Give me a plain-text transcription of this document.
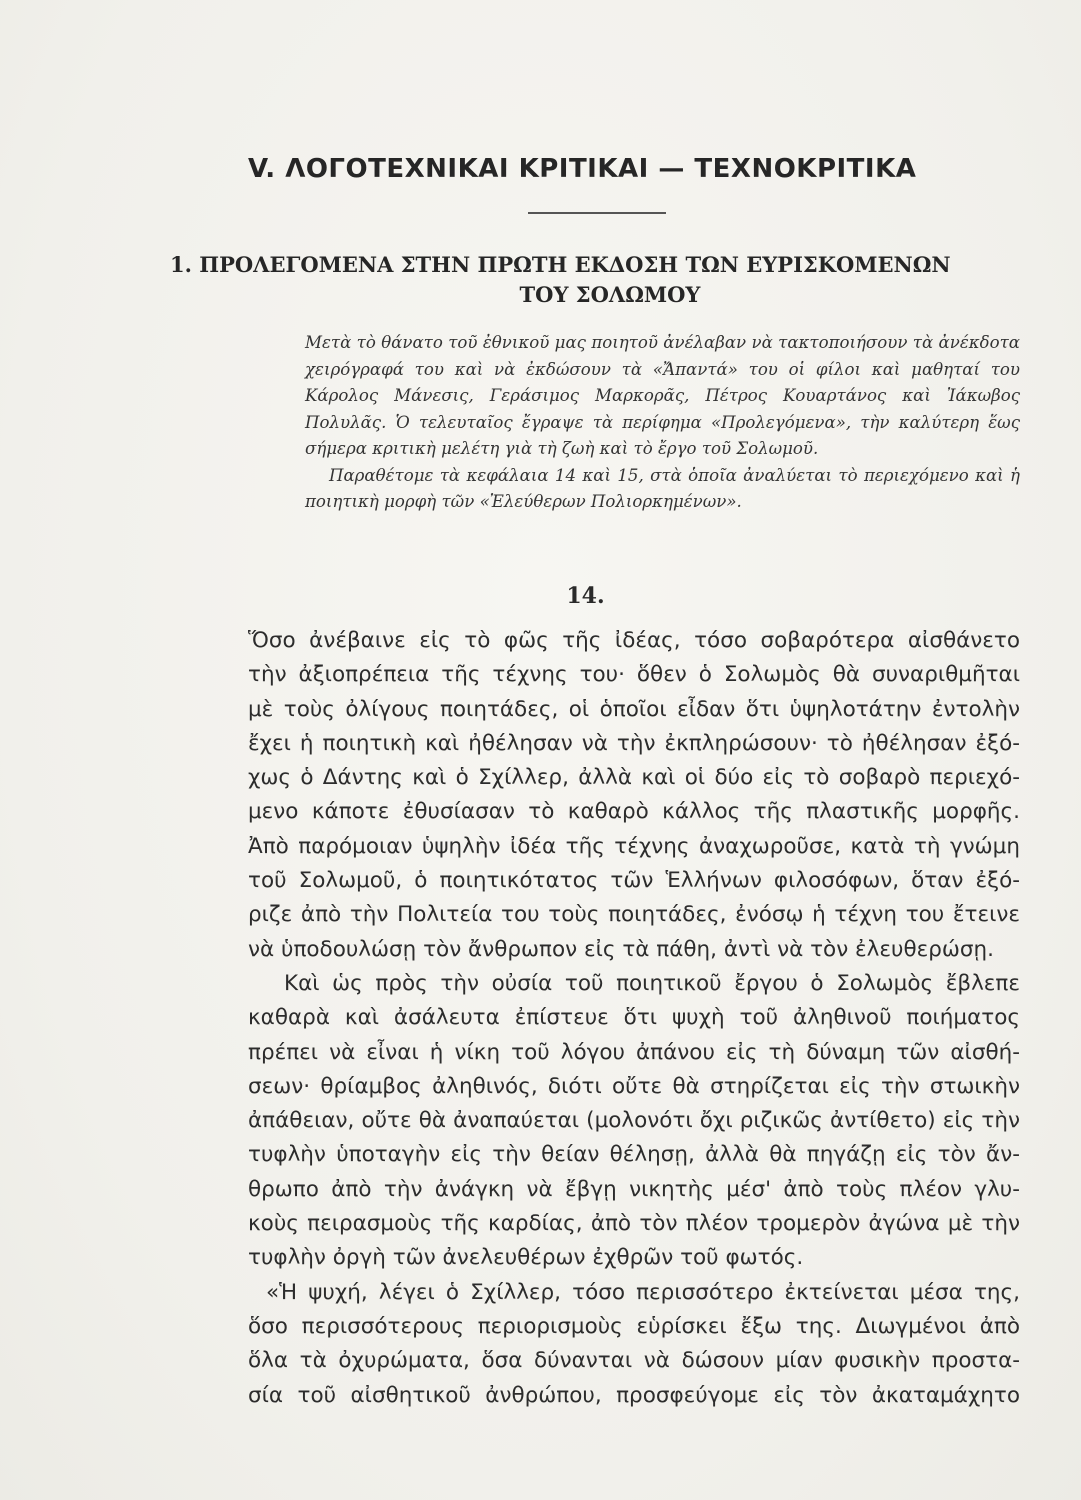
V. ΛΟΓΟΤΕΧΝΙΚΑΙ ΚΡΙΤΙΚΑΙ — ΤΕΧΝΟΚΡΙΤΙΚΑ
1. ΠΡΟΛΕΓΟΜΕΝΑ ΣΤΗΝ ΠΡΩΤΗ ΕΚΔΟΣΗ ΤΩΝ ΕΥΡΙΣΚΟΜΕΝΩΝ
ΤΟΥ ΣΟΛΩΜΟΥ

Μετὰ τὸ θάνατο τοῦ ἐθνικοῦ μας ποιητοῦ ἀνέλαβαν νὰ τακτοποιήσουν τὰ ἀνέκδοτα χειρόγραφά του καὶ νὰ ἐκδώσουν τὰ «Ἄπαντά» του οἱ φίλοι καὶ μαθηταί του Κάρολος Μάνεσις, Γεράσιμος Μαρκορᾶς, Πέτρος Κουαρτάνος καὶ Ἰάκωβος Πολυλᾶς. Ὁ τελευταῖος ἔγραψε τὰ περίφημα «Προλεγόμενα», τὴν καλύτερη ἕως σήμερα κριτικὴ μελέτη γιὰ τὴ ζωὴ καὶ τὸ ἔργο τοῦ Σολωμοῦ.

Παραθέτομε τὰ κεφάλαια 14 καὶ 15, στὰ ὁποῖα ἀναλύεται τὸ περιεχόμενο καὶ ἡ ποιητικὴ μορφὴ τῶν «Ἐλεύθερων Πολιορκημένων».

14.
Ὅσο ἀνέβαινε εἰς τὸ φῶς τῆς ἰδέας, τόσο σοβαρότερα αἰσθάνετο
τὴν ἀξιοπρέπεια τῆς τέχνης του· ὅθεν ὁ Σολωμὸς θὰ συναριθμῆται
μὲ τοὺς ὀλίγους ποιητάδες, οἱ ὁποῖοι εἶδαν ὅτι ὑψηλοτάτην ἐντολὴν
ἔχει ἡ ποιητικὴ καὶ ἠθέλησαν νὰ τὴν ἐκπληρώσουν· τὸ ἠθέλησαν ἐξό-
χως ὁ Δάντης καὶ ὁ Σχίλλερ, ἀλλὰ καὶ οἱ δύο εἰς τὸ σοβαρὸ περιεχό-
μενο κάποτε ἐθυσίασαν τὸ καθαρὸ κάλλος τῆς πλαστικῆς μορφῆς.
Ἀπὸ παρόμοιαν ὑψηλὴν ἰδέα τῆς τέχνης ἀναχωροῦσε, κατὰ τὴ γνώμη
τοῦ Σολωμοῦ, ὁ ποιητικότατος τῶν Ἑλλήνων φιλοσόφων, ὅταν ἐξό-
ριζε ἀπὸ τὴν Πολιτεία του τοὺς ποιητάδες, ἐνόσῳ ἡ τέχνη του ἔτεινε
νὰ ὑποδουλώσῃ τὸν ἄνθρωπον εἰς τὰ πάθη, ἀντὶ νὰ τὸν ἐλευθερώσῃ.
Καὶ ὡς πρὸς τὴν οὐσία τοῦ ποιητικοῦ ἔργου ὁ Σολωμὸς ἔβλεπε
καθαρὰ καὶ ἀσάλευτα ἐπίστευε ὅτι ψυχὴ τοῦ ἀληθινοῦ ποιήματος
πρέπει νὰ εἶναι ἡ νίκη τοῦ λόγου ἀπάνου εἰς τὴ δύναμη τῶν αἰσθή-
σεων· θρίαμβος ἀληθινός, διότι οὔτε θὰ στηρίζεται εἰς τὴν στωικὴν
ἀπάθειαν, οὔτε θὰ ἀναπαύεται (μολονότι ὄχι ριζικῶς ἀντίθετο) εἰς τὴν
τυφλὴν ὑποταγὴν εἰς τὴν θείαν θέλησῃ, ἀλλὰ θὰ πηγάζῃ εἰς τὸν ἄν-
θρωπο ἀπὸ τὴν ἀνάγκη νὰ ἔβγῃ νικητὴς μέσ' ἀπὸ τοὺς πλέον γλυ-
κοὺς πειρασμοὺς τῆς καρδίας, ἀπὸ τὸν πλέον τρομερὸν ἀγώνα μὲ τὴν
τυφλὴν ὀργὴ τῶν ἀνελευθέρων ἐχθρῶν τοῦ φωτός.
«Ἡ ψυχή, λέγει ὁ Σχίλλερ, τόσο περισσότερο ἐκτείνεται μέσα της,
ὅσο περισσότερους περιορισμοὺς εὑρίσκει ἔξω της. Διωγμένοι ἀπὸ
ὅλα τὰ ὀχυρώματα, ὅσα δύνανται νὰ δώσουν μίαν φυσικὴν προστα-
σία τοῦ αἰσθητικοῦ ἀνθρώπου, προσφεύγομε εἰς τὸν ἀκαταμάχητο
